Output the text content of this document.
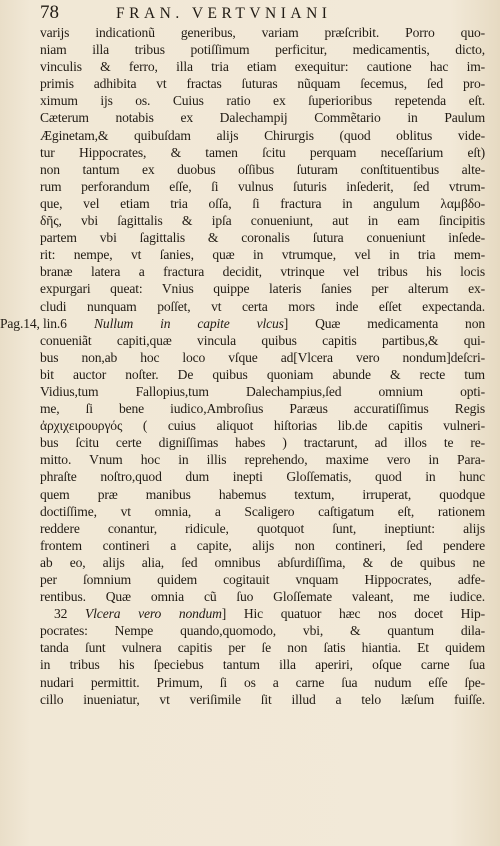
78	FRAN. VERTVNIANI
varijs indicationũ generibus, variam præſcribit. Porro quo-
niam illa tribus potiſſimum perficitur, medicamentis, dicto,
vinculis & ferro, illa tria etiam exequitur: cautione hac im-
primis adhibita vt fractas ſuturas nũquam ſecemus, ſed pro-
ximum ijs os. Cuius ratio ex ſuperioribus repetenda eſt.
Cæterum notabis ex Dalechampij Commẽtario in Paulum
Æginetam,& quibuſdam alijs Chirurgis (quod oblitus vide-
tur Hippocrates, & tamen ſcitu perquam neceſſarium eſt)
non tantum ex duobus oſſibus ſuturam conſtituentibus alte-
rum perforandum eſſe, ſi vulnus ſuturis inſederit, ſed vtrum-
que, vel etiam tria oſſa, ſi fractura in angulum λαμβδο-
δῆς, vbi ſagittalis & ipſa conueniunt, aut in eam ſincipitis
partem vbi ſagittalis & coronalis ſutura conueniunt inſede-
rit: nempe, vt ſanies, quæ in vtrumque, vel in tria mem-
branæ latera a fractura decidit, vtrinque vel tribus his locis
expurgari queat: Vnius quippe lateris ſanies per alterum ex-
cludi nunquam poſſet, vt certa mors inde eſſet expectanda.
Pag.14, lin.6 Nullum in capite vlcus] Quæ medicamenta non
conueniãt capiti,quæ vincula quibus capitis partibus,& qui-
bus non,ab hoc loco vſque ad[Vlcera vero nondum]deſcri-
bit auctor noſter. De quibus quoniam abunde & recte tum
Vidius,tum Fallopius,tum Dalechampius,ſed omnium opti-
me, ſi bene iudico,Ambroſius Paræus accuratiſſimus Regis
ἀρχιχειρουργός ( cuius aliquot hiſtorias lib.de capitis vulneri-
bus ſcitu certe digniſſimas habes ) tractarunt, ad illos te re-
mitto. Vnum hoc in illis reprehendo, maxime vero in Para-
phraſte noſtro,quod dum inepti Gloſſematis, quod in hunc
quem præ manibus habemus textum, irruperat, quodque
doctiſſime, vt omnia, a Scaligero caſtigatum eſt, rationem
reddere conantur, ridicule, quotquot ſunt, ineptiunt: alijs
frontem contineri a capite, alijs non contineri, ſed pendere
ab eo, alijs alia, ſed omnibus abſurdiſſima, & de quibus ne
per ſomnium quidem cogitauit vnquam Hippocrates, adfe-
rentibus. Quæ omnia cũ ſuo Gloſſemate valeant, me iudice.
32 Vlcera vero nondum] Hic quatuor hæc nos docet Hip-
pocrates: Nempe quando,quomodo, vbi, & quantum dila-
tanda ſunt vulnera capitis per ſe non ſatis hiantia. Et quidem
in tribus his ſpeciebus tantum illa aperiri, oſque carne ſua
nudari permittit. Primum, ſi os a carne ſua nudum eſſe ſpe-
cillo inueniatur, vt veriſimile ſit illud a telo læſum fuiſſe.
